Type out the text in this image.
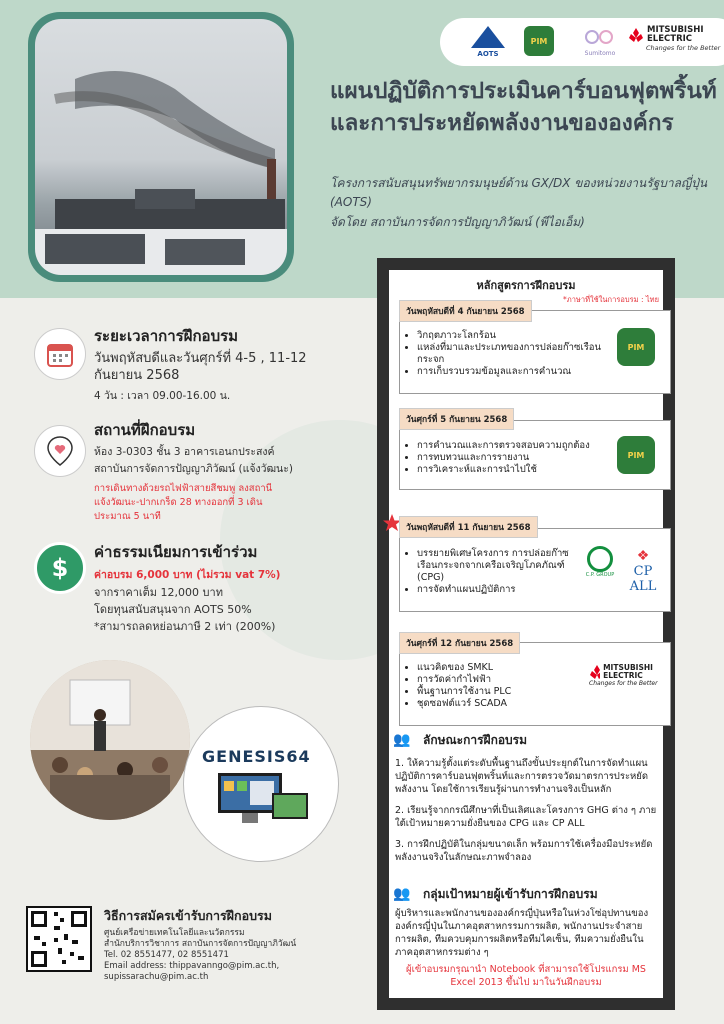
AOTS
PIM
Sumitomo
MITSUBISHI ELECTRIC
Changes for the Better
แผนปฏิบัติการประเมินคาร์บอนฟุตพริ้นท์และการประหยัดพลังงานขององค์กร
โครงการสนับสนุนทรัพยากรมนุษย์ด้าน GX/DX ของหน่วยงานรัฐบาลญี่ปุ่น (AOTS)
จัดโดย สถาบันการจัดการปัญญาภิวัฒน์ (พีไอเอ็ม)
ระยะเวลาการฝึกอบรม
วันพฤหัสบดีและวันศุกร์ที่ 4-5 , 11-12 กันยายน 2568
4 วัน : เวลา 09.00-16.00 น.
สถานที่ฝึกอบรม
ห้อง 3-0303 ชั้น 3 อาคารเอนกประสงค์
สถาบันการจัดการปัญญาภิวัฒน์ (แจ้งวัฒนะ)
การเดินทางด้วยรถไฟฟ้าสายสีชมพู ลงสถานีแจ้งวัฒนะ-ปากเกร็ด 28 ทางออกที่ 3 เดินประมาณ 5 นาที
$
ค่าธรรมเนียมการเข้าร่วม
ค่าอบรม 6,000 บาท (ไม่รวม vat 7%)
จากราคาเต็ม 12,000 บาท
โดยทุนสนับสนุนจาก AOTS 50%
*สามารถลดหย่อนภาษี 2 เท่า (200%)
GENESIS64
หลักสูตรการฝึกอบรม
*ภาษาที่ใช้ในการอบรม : ไทย
วันพฤหัสบดีที่ 4 กันยายน 2568
• วิกฤตภาวะโลกร้อน
• แหล่งที่มาและประเภทของการปล่อยก๊าซเรือนกระจก
• การเก็บรวบรวมข้อมูลและการคำนวณ
PIM
วันศุกร์ที่ 5 กันยายน 2568
• การคำนวณและการตรวจสอบความถูกต้อง
• การทบทวนและการรายงาน
• การวิเคราะห์และการนำไปใช้
PIM
วันพฤหัสบดีที่ 11 กันยายน 2568
• บรรยายพิเศษโครงการ การปล่อยก๊าซเรือนกระจกจากเครือเจริญโภคภัณฑ์ (CPG)
• การจัดทำแผนปฏิบัติการ
C.P. GROUP
❖
CP ALL
วันศุกร์ที่ 12 กันยายน 2568
• แนวคิดของ SMKL
• การวัดค่ากำไฟฟ้า
• พื้นฐานการใช้งาน PLC
• ชุดซอฟต์แวร์ SCADA
MITSUBISHI ELECTRIC
Changes for the Better
👥	ลักษณะการฝึกอบรม

1. ให้ความรู้ตั้งแต่ระดับพื้นฐานถึงขั้นประยุกต์ในการจัดทำแผนปฏิบัติการคาร์บอนฟุตพริ้นท์และการตรวจวัดมาตรการประหยัดพลังงาน โดยใช้การเรียนรู้ผ่านการทำงานจริงเป็นหลัก

2. เรียนรู้จากกรณีศึกษาที่เป็นเลิศและโครงการ GHG ต่าง ๆ ภายใต้เป้าหมายความยั่งยืนของ CPG และ CP ALL

3. การฝึกปฏิบัติในกลุ่มขนาดเล็ก พร้อมการใช้เครื่องมือประหยัดพลังงานจริงในลักษณะภาพจำลอง

👥	กลุ่มเป้าหมายผู้เข้ารับการฝึกอบรม

ผู้บริหารและพนักงานขององค์กรญี่ปุ่นหรือในห่วงโซ่อุปทานขององค์กรญี่ปุ่นในภาคอุตสาหกรรมการผลิต, พนักงานประจำสายการผลิต, ทีมควบคุมการผลิตหรือทีมไคเซ็น, ทีมความยั่งยืนในภาคอุตสาหกรรมต่าง ๆ

ผู้เข้าอบรมกรุณานำ Notebook ที่สามารถใช้โปรแกรม MS Excel 2013 ขึ้นไป มาในวันฝึกอบรม

วิธีการสมัครเข้ารับการฝึกอบรม
ศูนย์เครือข่ายเทคโนโลยีและนวัตกรรม
สำนักบริการวิชาการ สถาบันการจัดการปัญญาภิวัฒน์
Tel. 02 8551477, 02 8551471
Email address: thippavanngo@pim.ac.th,
supissarachu@pim.ac.th
